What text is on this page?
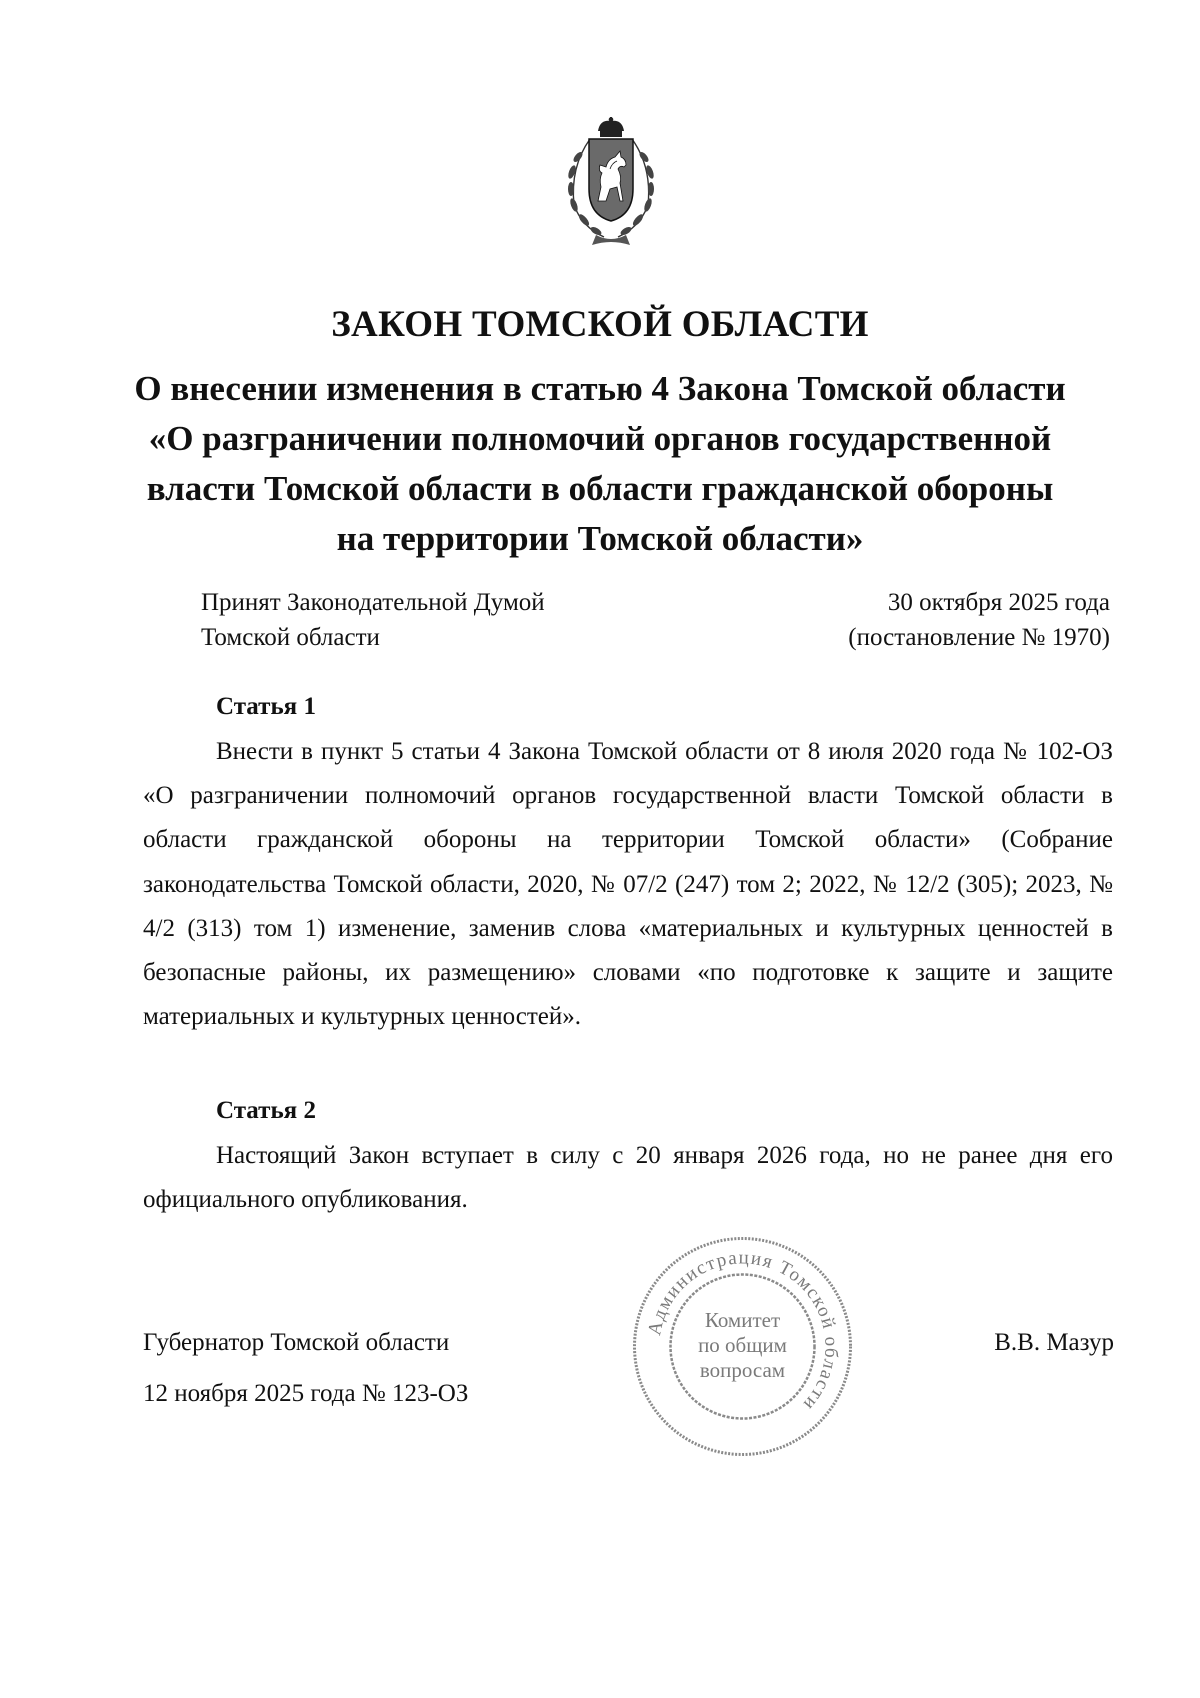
ЗАКОН ТОМСКОЙ ОБЛАСТИ
О внесении изменения в статью 4 Закона Томской области
«О разграничении полномочий органов государственной
власти Томской области в области гражданской обороны
на территории Томской области»
Принят Законодательной Думой
Томской области
30 октября 2025 года
(постановление № 1970)
Статья 1

Внести в пункт 5 статьи 4 Закона Томской области от 8 июля 2020 года № 102-ОЗ «О разграничении полномочий органов государственной власти Томской области в области гражданской обороны на территории Томской области» (Собрание законодательства Томской области, 2020, № 07/2 (247) том 2; 2022, № 12/2 (305); 2023, № 4/2 (313) том 1) изменение, заменив слова «материальных и культурных ценностей в безопасные районы, их размещению» словами «по подготовке к защите и защите материальных и культурных ценностей».

Статья 2

Настоящий Закон вступает в силу с 20 января 2026 года, но не ранее дня его официального опубликования.

Губернатор Томской области
12 ноября 2025 года № 123-ОЗ
В.В. Мазур
Администрация Томской области
Комитет
по общим
вопросам
